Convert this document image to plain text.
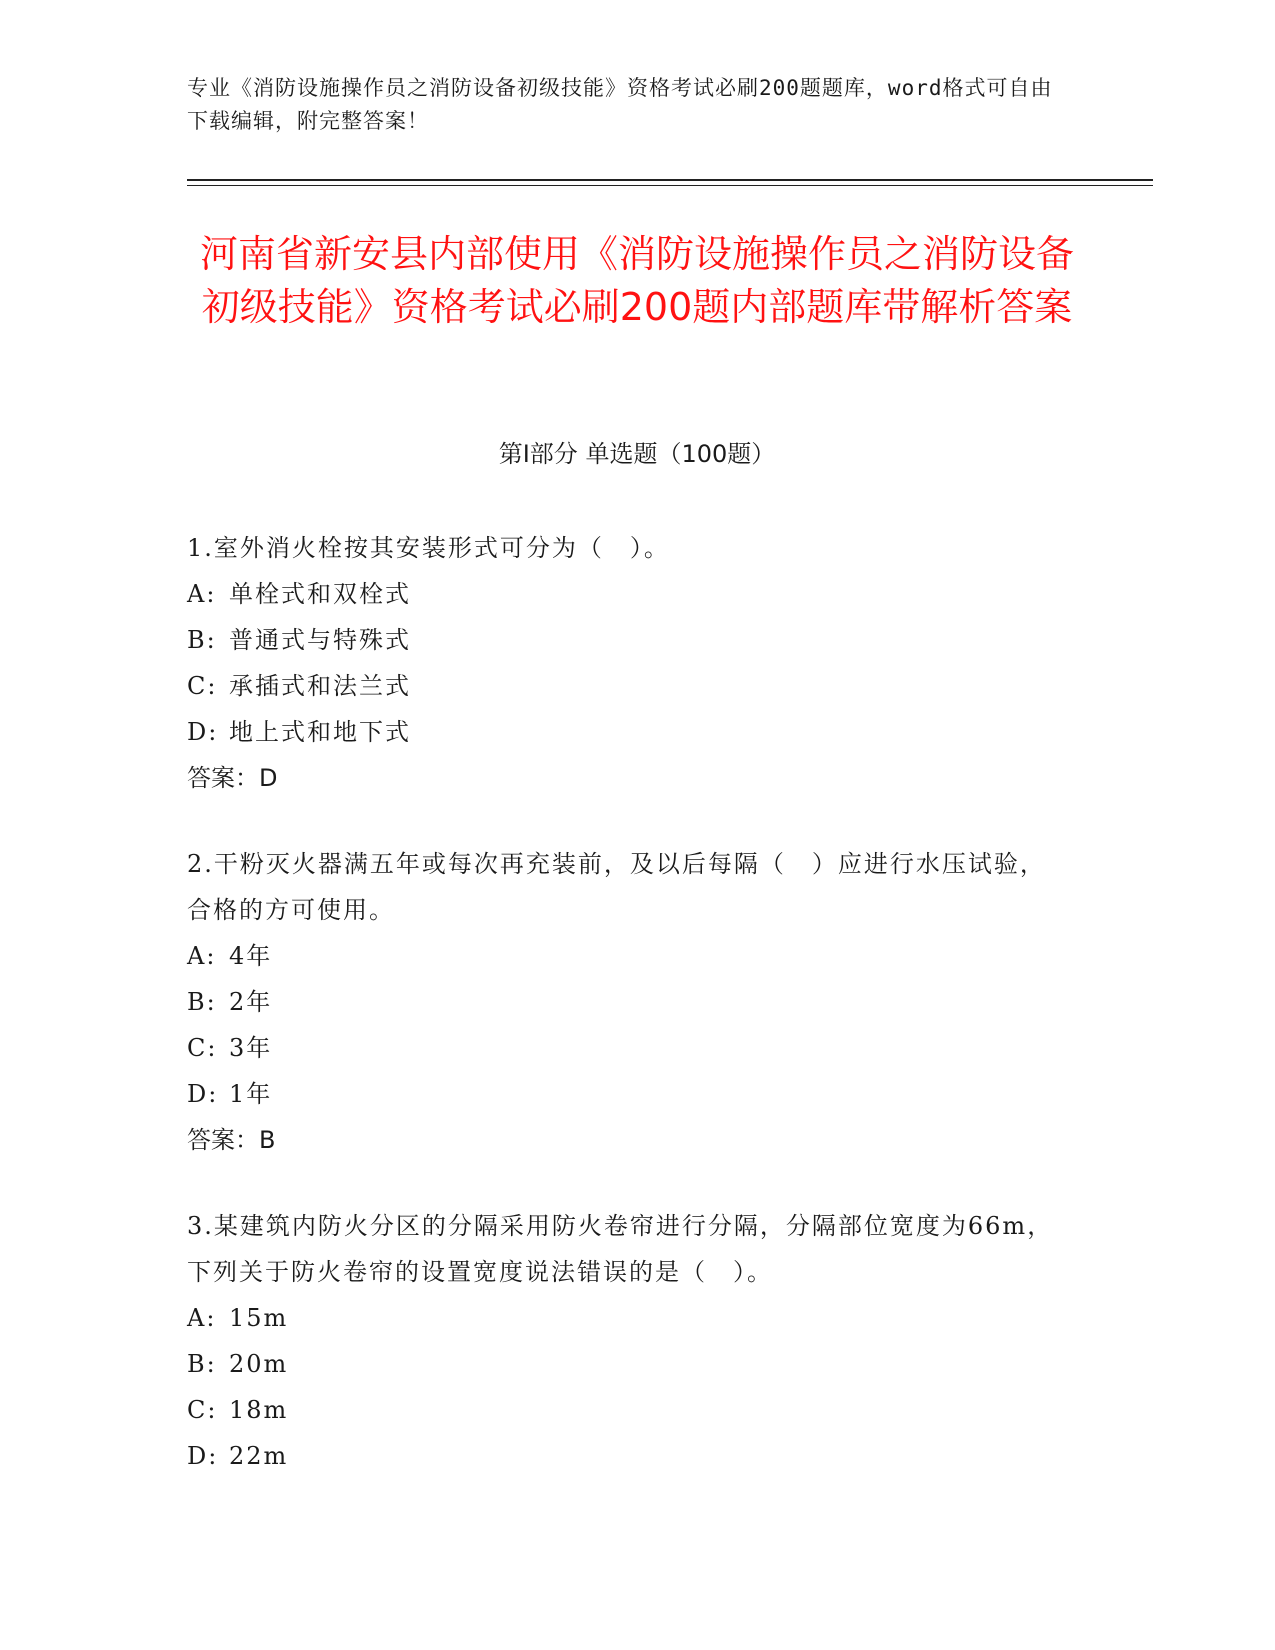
专业《消防设施操作员之消防设备初级技能》资格考试必刷200题题库，word格式可自由下载编辑，附完整答案！
河南省新安县内部使用《消防设施操作员之消防设备初级技能》资格考试必刷200题内部题库带解析答案
第Ⅰ部分 单选题（100题）

1.室外消火栓按其安装形式可分为（　）。

A: 单栓式和双栓式

B: 普通式与特殊式

C: 承插式和法兰式

D: 地上式和地下式

答案：D

2.干粉灭火器满五年或每次再充装前，及以后每隔（　）应进行水压试验，合格的方可使用。

A: 4年

B: 2年

C: 3年

D: 1年

答案：B

3.某建筑内防火分区的分隔采用防火卷帘进行分隔，分隔部位宽度为66m，下列关于防火卷帘的设置宽度说法错误的是（　）。

A: 15m

B: 20m

C: 18m

D: 22m
